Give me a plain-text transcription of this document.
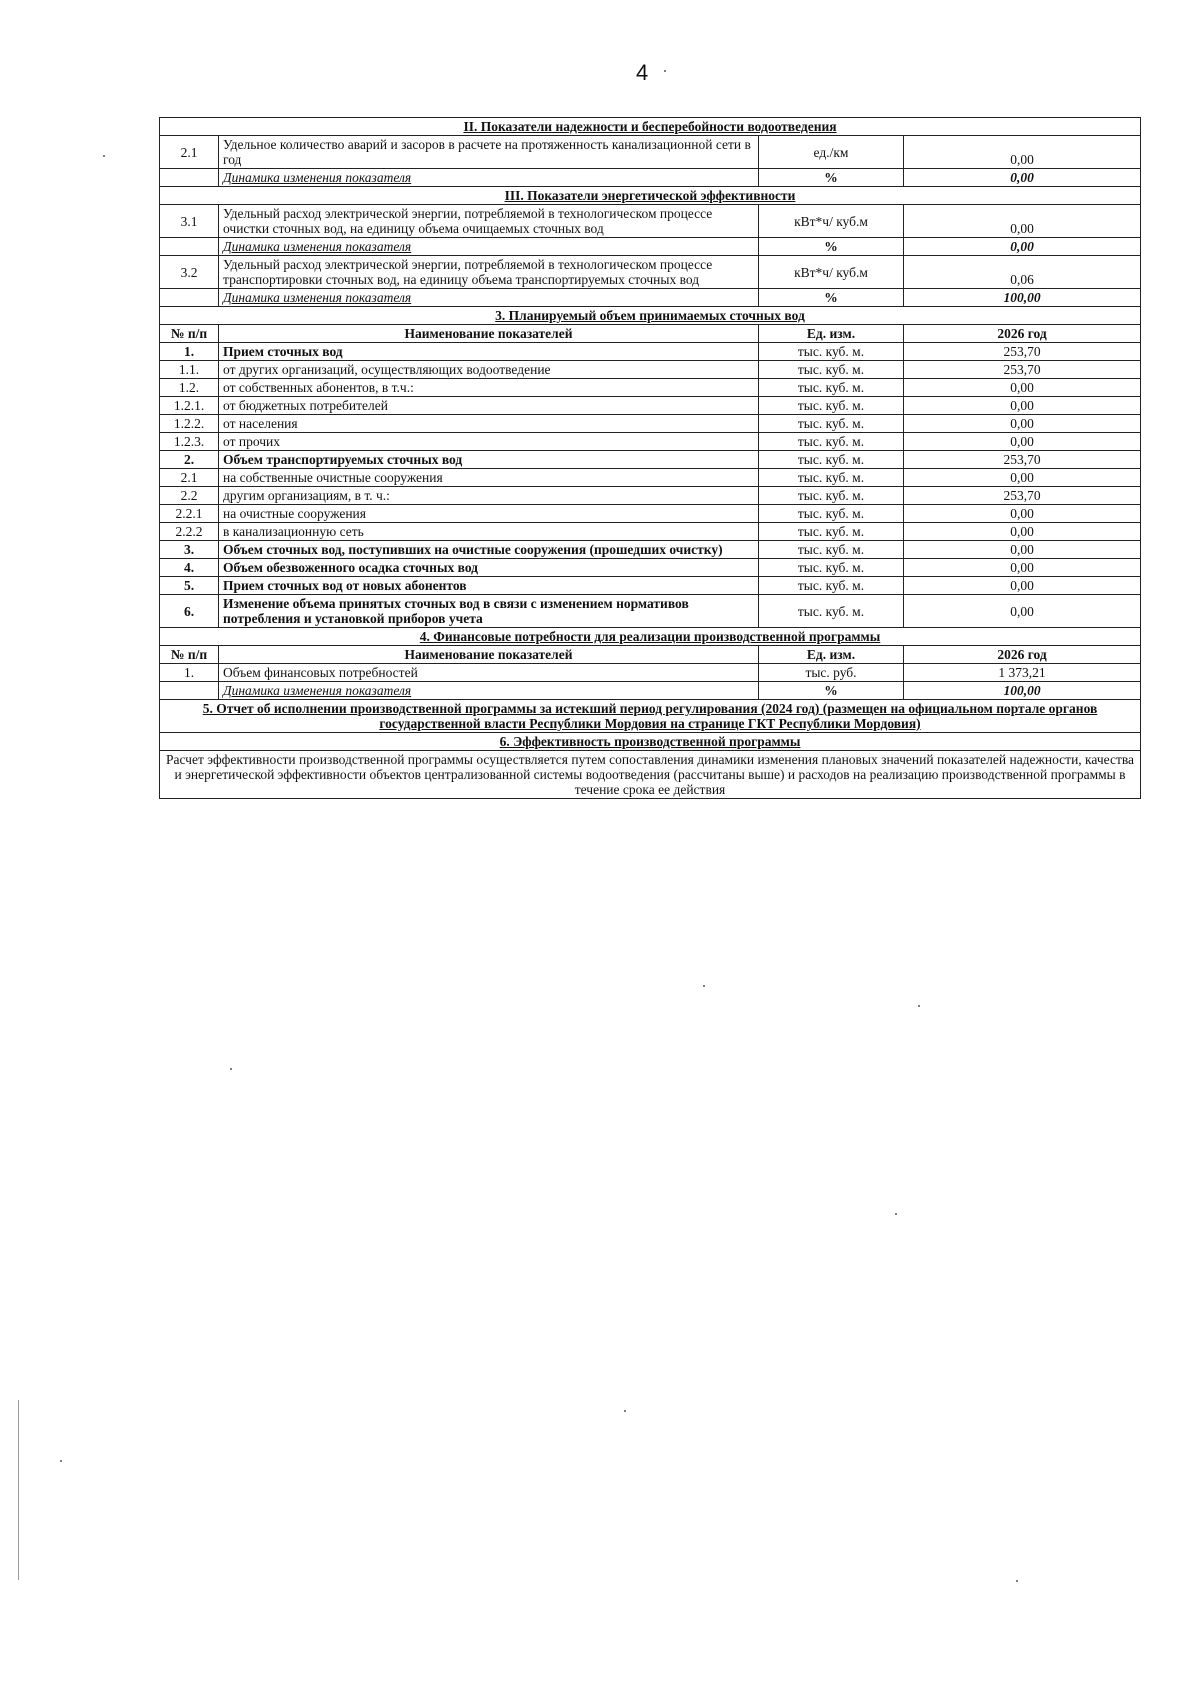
4
II. Показатели надежности и бесперебойности водоотведения			
2.1	Удельное количество аварий и засоров в расчете на протяженность канализационной сети в год	ед./км	0,00
	Динамика изменения показателя	%	0,00
III. Показатели энергетической эффективности			
3.1	Удельный расход электрической энергии, потребляемой в технологическом процессе очистки сточных вод, на единицу объема очищаемых сточных вод	кВт*ч/ куб.м	0,00
	Динамика изменения показателя	%	0,00
3.2	Удельный расход электрической энергии, потребляемой в технологическом процессе транспортировки сточных вод, на единицу объема транспортируемых сточных вод	кВт*ч/ куб.м	0,06
	Динамика изменения показателя	%	100,00
3. Планируемый объем принимаемых сточных вод			
№ п/п	Наименование показателей	Ед. изм.	2026 год
1.	Прием сточных вод	тыс. куб. м.	253,70
1.1.	от других организаций, осуществляющих водоотведение	тыс. куб. м.	253,70
1.2.	от собственных абонентов, в т.ч.:	тыс. куб. м.	0,00
1.2.1.	от бюджетных потребителей	тыс. куб. м.	0,00
1.2.2.	от населения	тыс. куб. м.	0,00
1.2.3.	от прочих	тыс. куб. м.	0,00
2.	Объем транспортируемых сточных вод	тыс. куб. м.	253,70
2.1	на собственные очистные сооружения	тыс. куб. м.	0,00
2.2	другим организациям, в т. ч.:	тыс. куб. м.	253,70
2.2.1	на очистные сооружения	тыс. куб. м.	0,00
2.2.2	в канализационную сеть	тыс. куб. м.	0,00
3.	Объем сточных вод, поступивших на очистные сооружения (прошедших очистку)	тыс. куб. м.	0,00
4.	Объем обезвоженного осадка сточных вод	тыс. куб. м.	0,00
5.	Прием сточных вод от новых абонентов	тыс. куб. м.	0,00
6.	Изменение объема принятых сточных вод в связи с изменением нормативов потребления и установкой приборов учета	тыс. куб. м.	0,00
4. Финансовые потребности для реализации производственной программы			
№ п/п	Наименование показателей	Ед. изм.	2026 год
1.	Объем финансовых потребностей	тыс. руб.	1 373,21
	Динамика изменения показателя	%	100,00
5. Отчет об исполнении производственной программы за истекший период регулирования (2024 год) (размещен на официальном портале органов государственной власти Республики Мордовия на странице ГКТ Республики Мордовия)			
6. Эффективность производственной программы			
Расчет эффективности производственной программы осуществляется путем сопоставления динамики изменения плановых значений показателей надежности, качества и энергетической эффективности объектов централизованной системы водоотведения (рассчитаны выше) и расходов на реализацию производственной программы в течение срока ее действия			
